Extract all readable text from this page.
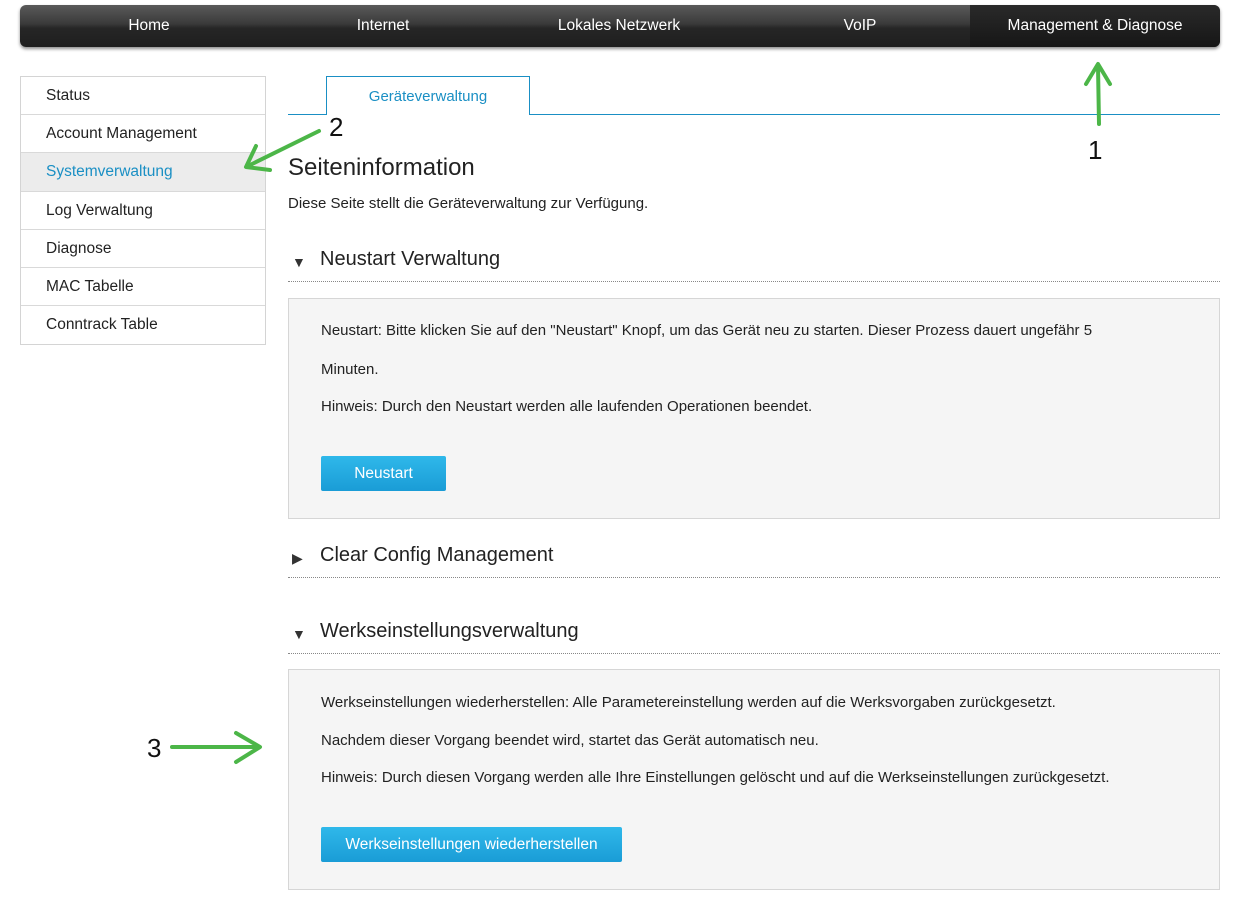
Home	Internet	Lokales Netzwerk	VoIP	Management & Diagnose
Status
Account Management
Systemverwaltung
Log Verwaltung
Diagnose
MAC Tabelle
Conntrack Table
Geräteverwaltung
Seiteninformation
Diese Seite stellt die Geräteverwaltung zur Verfügung.
▼ Neustart Verwaltung

Neustart: Bitte klicken Sie auf den "Neustart" Knopf, um das Gerät neu zu starten. Dieser Prozess dauert ungefähr 5

Minuten.

Hinweis: Durch den Neustart werden alle laufenden Operationen beendet.

Neustart
▶ Clear Config Management
▼ Werkseinstellungsverwaltung

Werkseinstellungen wiederherstellen: Alle Parametereinstellung werden auf die Werksvorgaben zurückgesetzt.

Nachdem dieser Vorgang beendet wird, startet das Gerät automatisch neu.

Hinweis: Durch diesen Vorgang werden alle Ihre Einstellungen gelöscht und auf die Werkseinstellungen zurückgesetzt.

Werkseinstellungen wiederherstellen
1
2
3
